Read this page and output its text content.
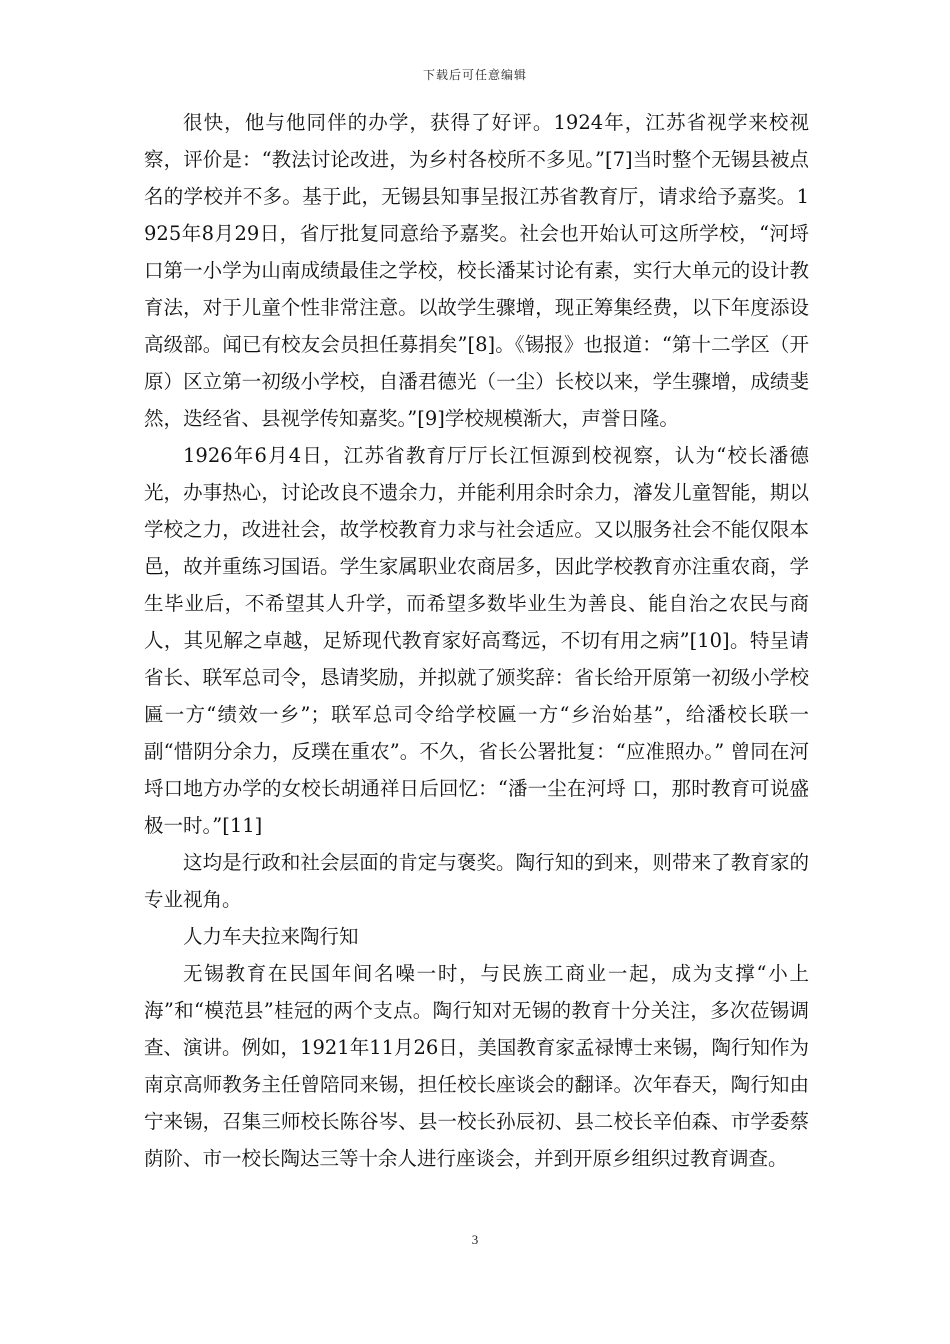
下载后可任意编辑

很快，他与他同伴的办学，获得了好评。1924年，江苏省视学来校视察，评价是：“教法讨论改进，为乡村各校所不多见。”[7]当时整个无锡县被点名的学校并不多。基于此，无锡县知事呈报江苏省教育厅，请求给予嘉奖。1925年8月29日，省厅批复同意给予嘉奖。社会也开始认可这所学校，“河埒口第一小学为山南成绩最佳之学校，校长潘某讨论有素，实行大单元的设计教育法，对于儿童个性非常注意。以故学生骤增，现正筹集经费，以下年度添设高级部。闻已有校友会员担任募捐矣”[8]。《锡报》也报道：“第十二学区（开原）区立第一初级小学校，自潘君德光（一尘）长校以来，学生骤增，成绩斐然，迭经省、县视学传知嘉奖。”[9]学校规模渐大，声誉日隆。

1926年6月4日，江苏省教育厅厅长江恒源到校视察，认为“校长潘德光，办事热心，讨论改良不遗余力，并能利用余时余力，濬发儿童智能，期以学校之力，改进社会，故学校教育力求与社会适应。又以服务社会不能仅限本邑，故并重练习国语。学生家属职业农商居多，因此学校教育亦注重农商，学生毕业后，不希望其人升学，而希望多数毕业生为善良、能自治之农民与商人，其见解之卓越，足矫现代教育家好高骛远，不切有用之病”[10]。特呈请省长、联军总司令，恳请奖励，并拟就了颁奖辞：省长给开原第一初级小学校匾一方“绩效一乡”；联军总司令给学校匾一方“乡治始基”，给潘校长联一副“惜阴分余力，反璞在重农”。不久，省长公署批复：“应准照办。” 曾同在河埒口地方办学的女校长胡通祥日后回忆：“潘一尘在河埒 口，那时教育可说盛极一时。”[11]

这均是行政和社会层面的肯定与褒奖。陶行知的到来，则带来了教育家的专业视角。

人力车夫拉来陶行知

无锡教育在民国年间名噪一时，与民族工商业一起，成为支撑“小上海”和“模范县”桂冠的两个支点。陶行知对无锡的教育十分关注，多次莅锡调查、演讲。例如，1921年11月26日，美国教育家孟禄博士来锡，陶行知作为南京高师教务主任曾陪同来锡，担任校长座谈会的翻译。次年春天，陶行知由宁来锡，召集三师校长陈谷岑、县一校长孙辰初、县二校长辛伯森、市学委蔡荫阶、市一校长陶达三等十余人进行座谈会，并到开原乡组织过教育调查。

3
